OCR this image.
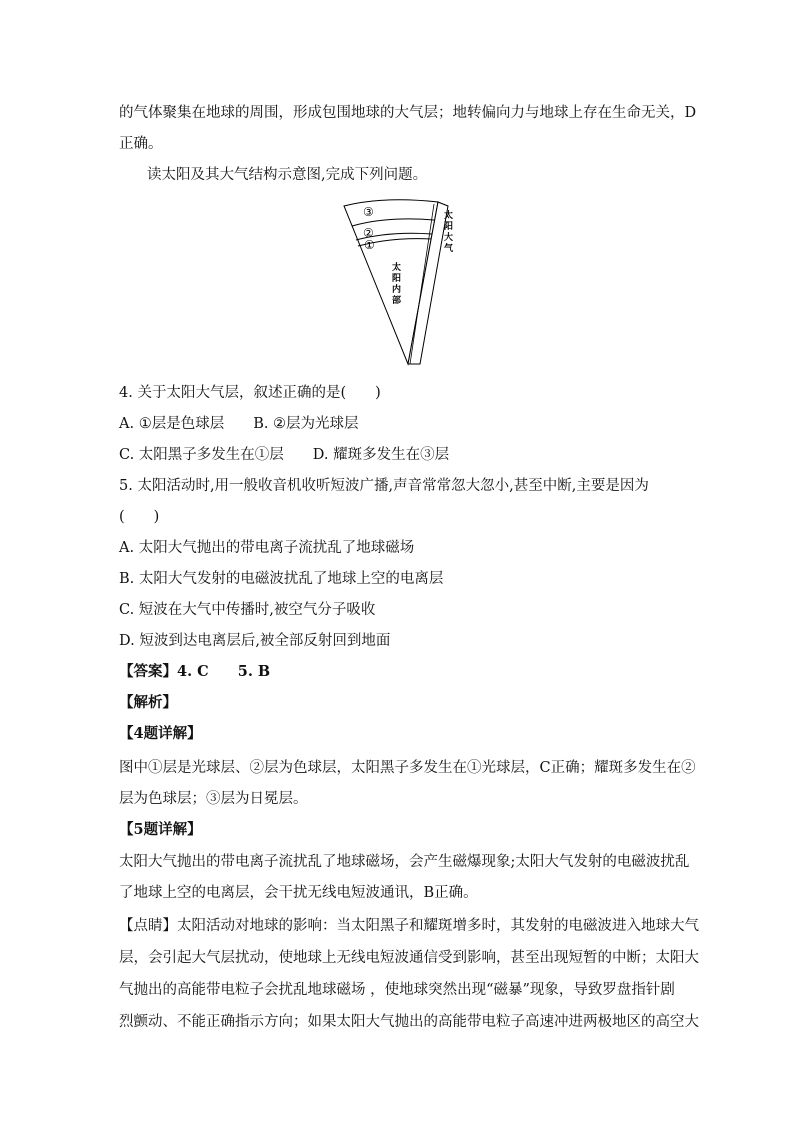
的气体聚集在地球的周围，形成包围地球的大气层；地转偏向力与地球上存在生命无关，D
正确。
读太阳及其大气结构示意图,完成下列问题。
③
②
①
太
阳
大
气
太
阳
内
部
4. 关于太阳大气层，叙述正确的是(　　)
A. ①层是色球层　　B. ②层为光球层
C. 太阳黑子多发生在①层　　D. 耀斑多发生在③层
5. 太阳活动时,用一般收音机收听短波广播,声音常常忽大忽小,甚至中断,主要是因为
(　　)
A. 太阳大气抛出的带电离子流扰乱了地球磁场
B. 太阳大气发射的电磁波扰乱了地球上空的电离层
C. 短波在大气中传播时,被空气分子吸收
D. 短波到达电离层后,被全部反射回到地面
【答案】4. C　　5. B
【解析】
【4题详解】
图中①层是光球层、②层为色球层，太阳黑子多发生在①光球层，C正确；耀斑多发生在②
层为色球层；③层为日冕层。
【5题详解】
太阳大气抛出的带电离子流扰乱了地球磁场，会产生磁爆现象;太阳大气发射的电磁波扰乱
了地球上空的电离层，会干扰无线电短波通讯，B正确。
【点睛】太阳活动对地球的影响：当太阳黑子和耀斑增多时，其发射的电磁波进入地球大气
层，会引起大气层扰动，使地球上无线电短波通信受到影响，甚至出现短暂的中断；太阳大
气抛出的高能带电粒子会扰乱地球磁场 ，使地球突然出现“磁暴”现象，导致罗盘指针剧
烈颤动、不能正确指示方向；如果太阳大气抛出的高能带电粒子高速冲进两极地区的高空大
